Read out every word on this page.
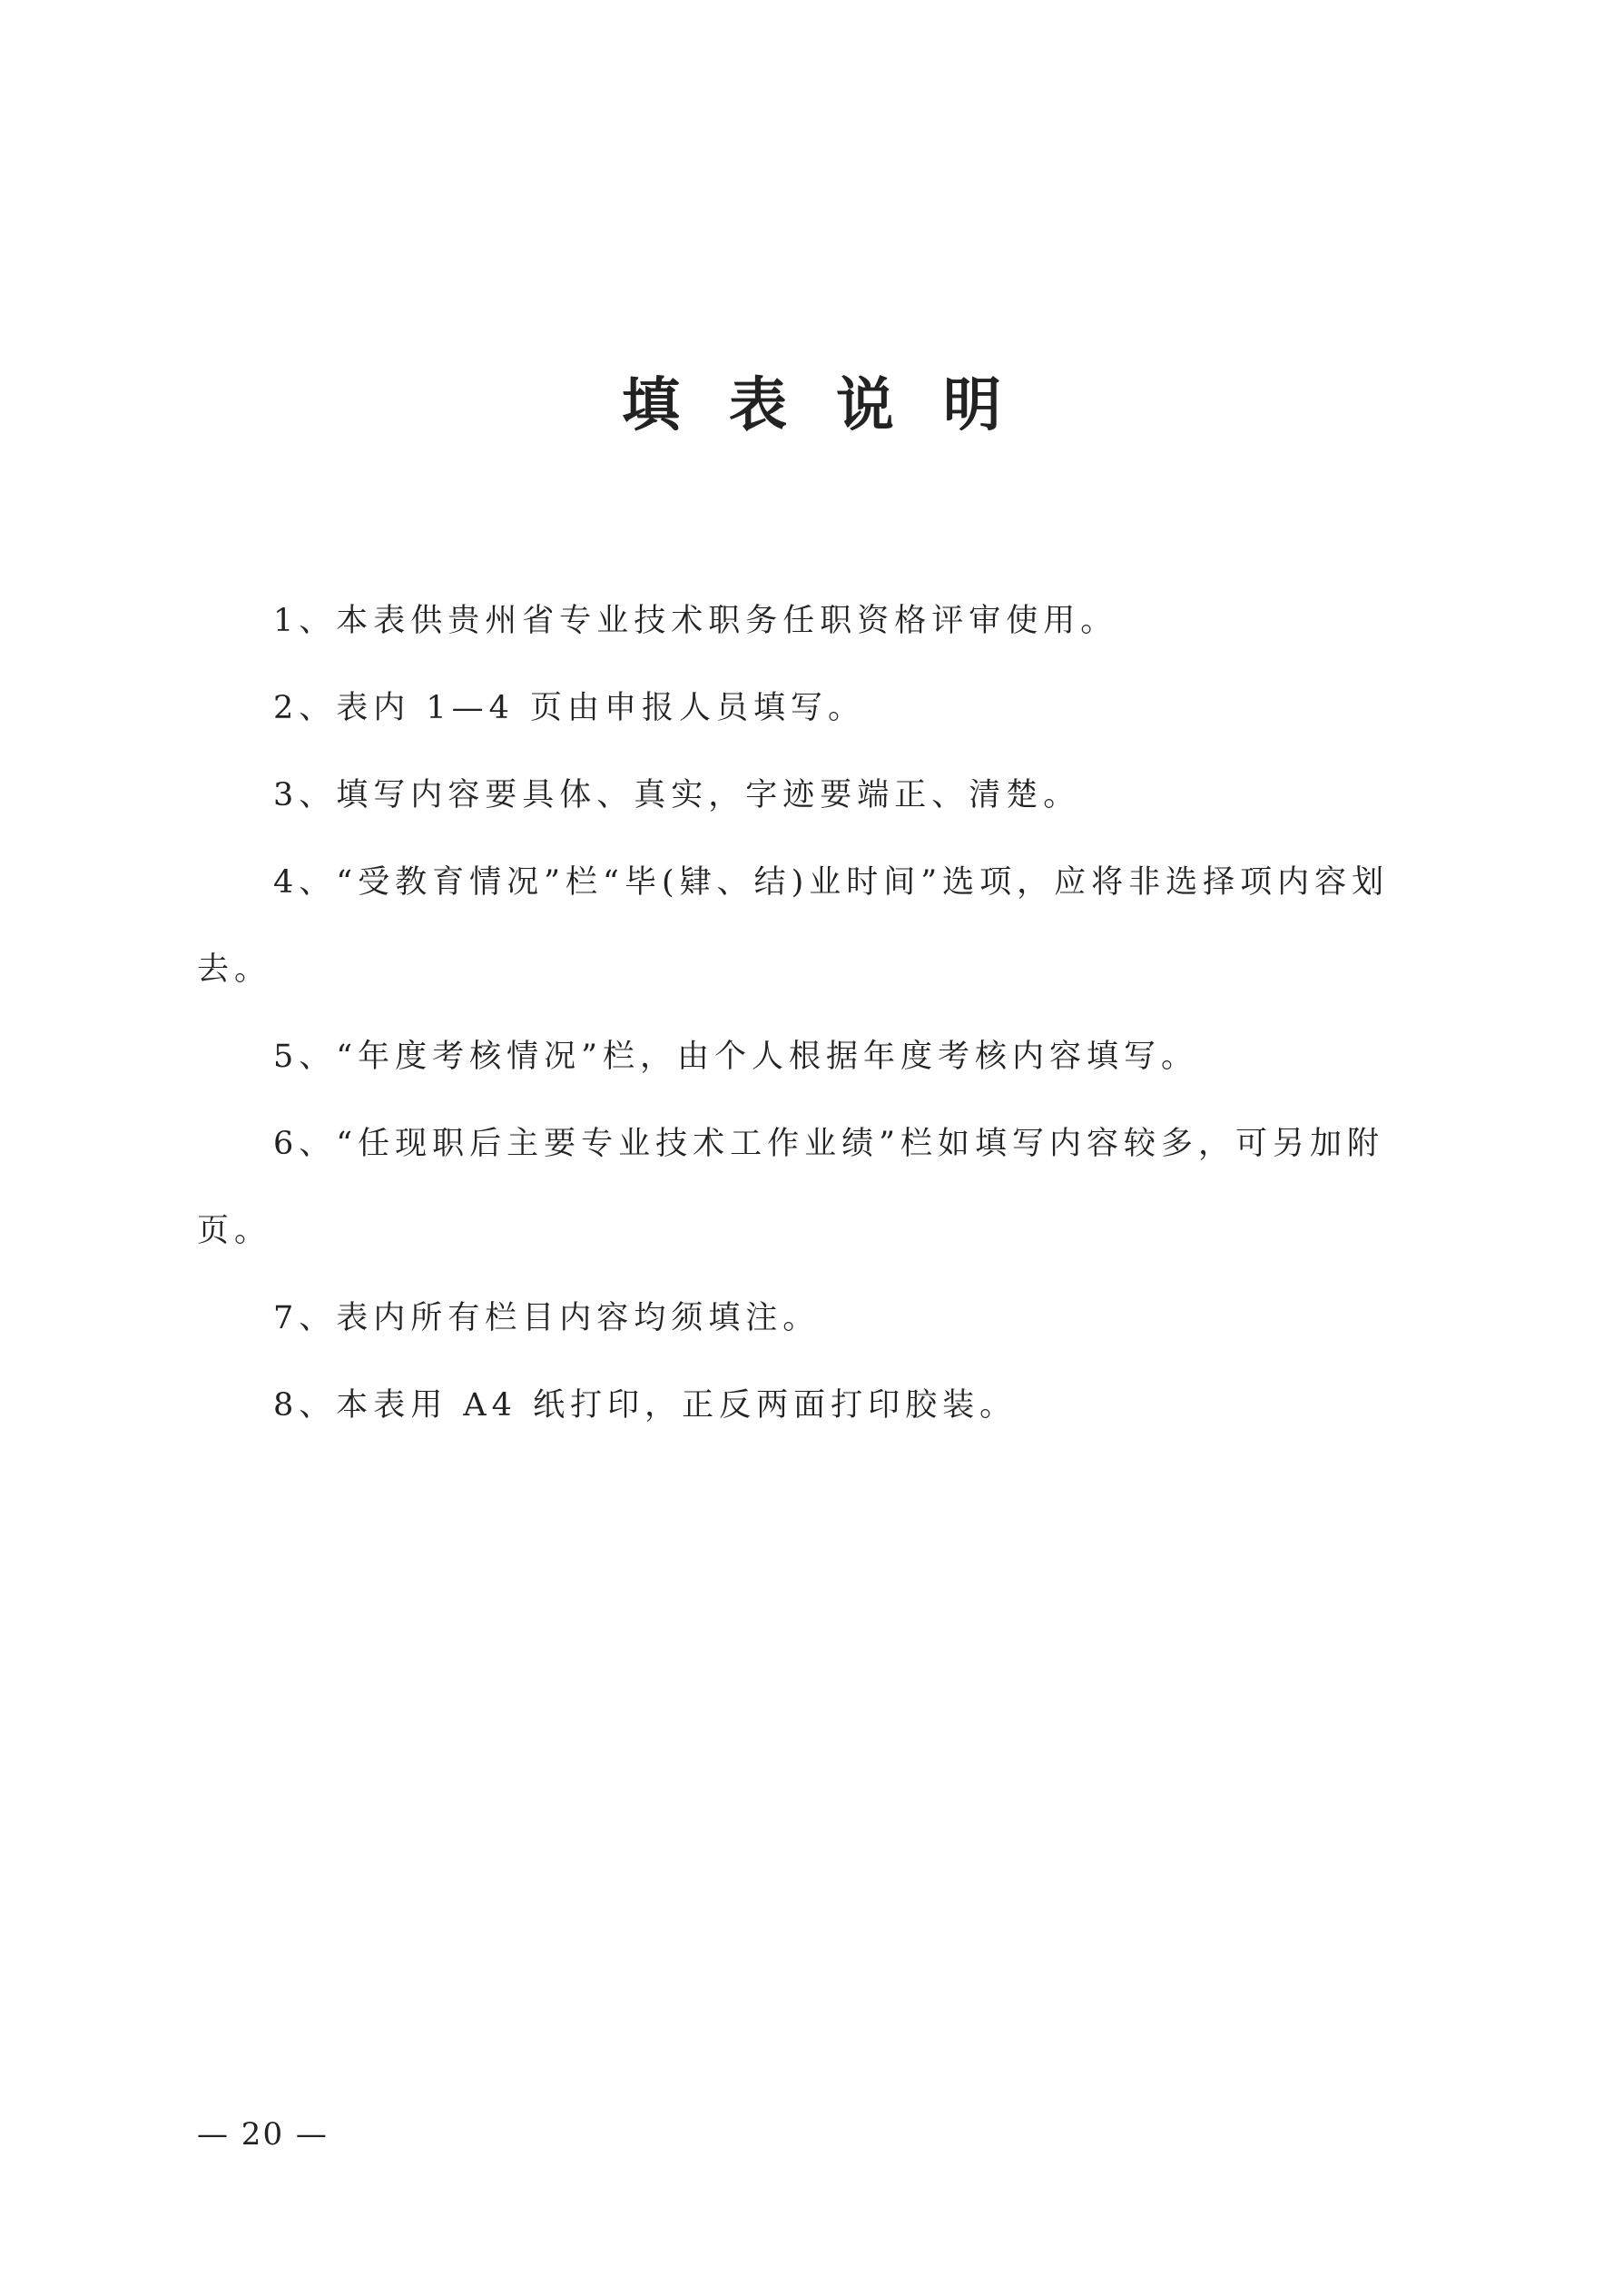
填表说明

1、本表供贵州省专业技术职务任职资格评审使用。

2、表内 1—4 页由申报人员填写。

3、填写内容要具体、真实，字迹要端正、清楚。

4、“受教育情况”栏“毕(肄、结)业时间”选项，应将非选择项内容划去。

5、“年度考核情况”栏，由个人根据年度考核内容填写。

6、“任现职后主要专业技术工作业绩”栏如填写内容较多，可另加附页。

7、表内所有栏目内容均须填注。

8、本表用 A4 纸打印，正反两面打印胶装。

— 20 —
